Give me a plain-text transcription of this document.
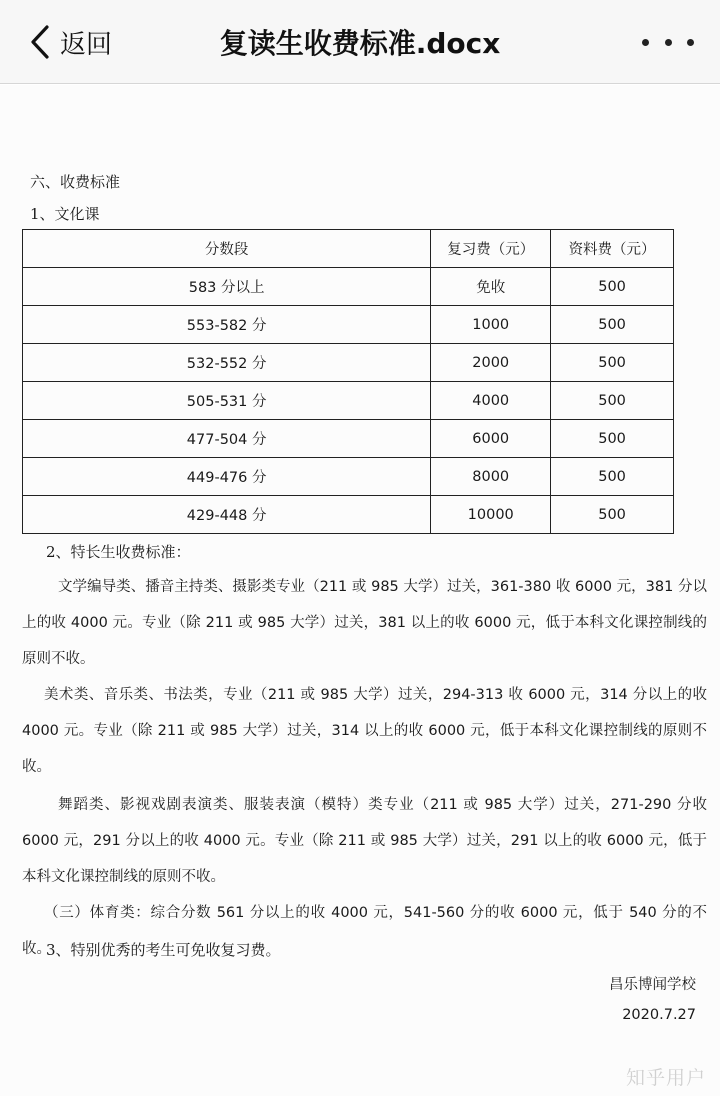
返回	复读生收费标准.docx
六、收费标准
1、文化课
分数段	复习费（元）	资料费（元）
583 分以上	免收	500
553-582 分	1000	500
532-552 分	2000	500
505-531 分	4000	500
477-504 分	6000	500
449-476 分	8000	500
429-448 分	10000	500
2、特长生收费标准：
文学编导类、播音主持类、摄影类专业（211 或 985 大学）过关，361-380 收 6000 元，381 分以上的收 4000 元。专业（除 211 或 985 大学）过关，381 以上的收 6000 元，低于本科文化课控制线的原则不收。
美术类、音乐类、书法类，专业（211 或 985 大学）过关，294-313 收 6000 元，314 分以上的收 4000 元。专业（除 211 或 985 大学）过关，314 以上的收 6000 元，低于本科文化课控制线的原则不收。
舞蹈类、影视戏剧表演类、服装表演（模特）类专业（211 或 985 大学）过关，271-290 分收 6000 元，291 分以上的收 4000 元。专业（除 211 或 985 大学）过关，291 以上的收 6000 元，低于本科文化课控制线的原则不收。
（三）体育类：综合分数 561 分以上的收 4000 元，541-560 分的收 6000 元，低于 540 分的不收。
3、特别优秀的考生可免收复习费。
昌乐博闻学校
2020.7.27
知乎用户
